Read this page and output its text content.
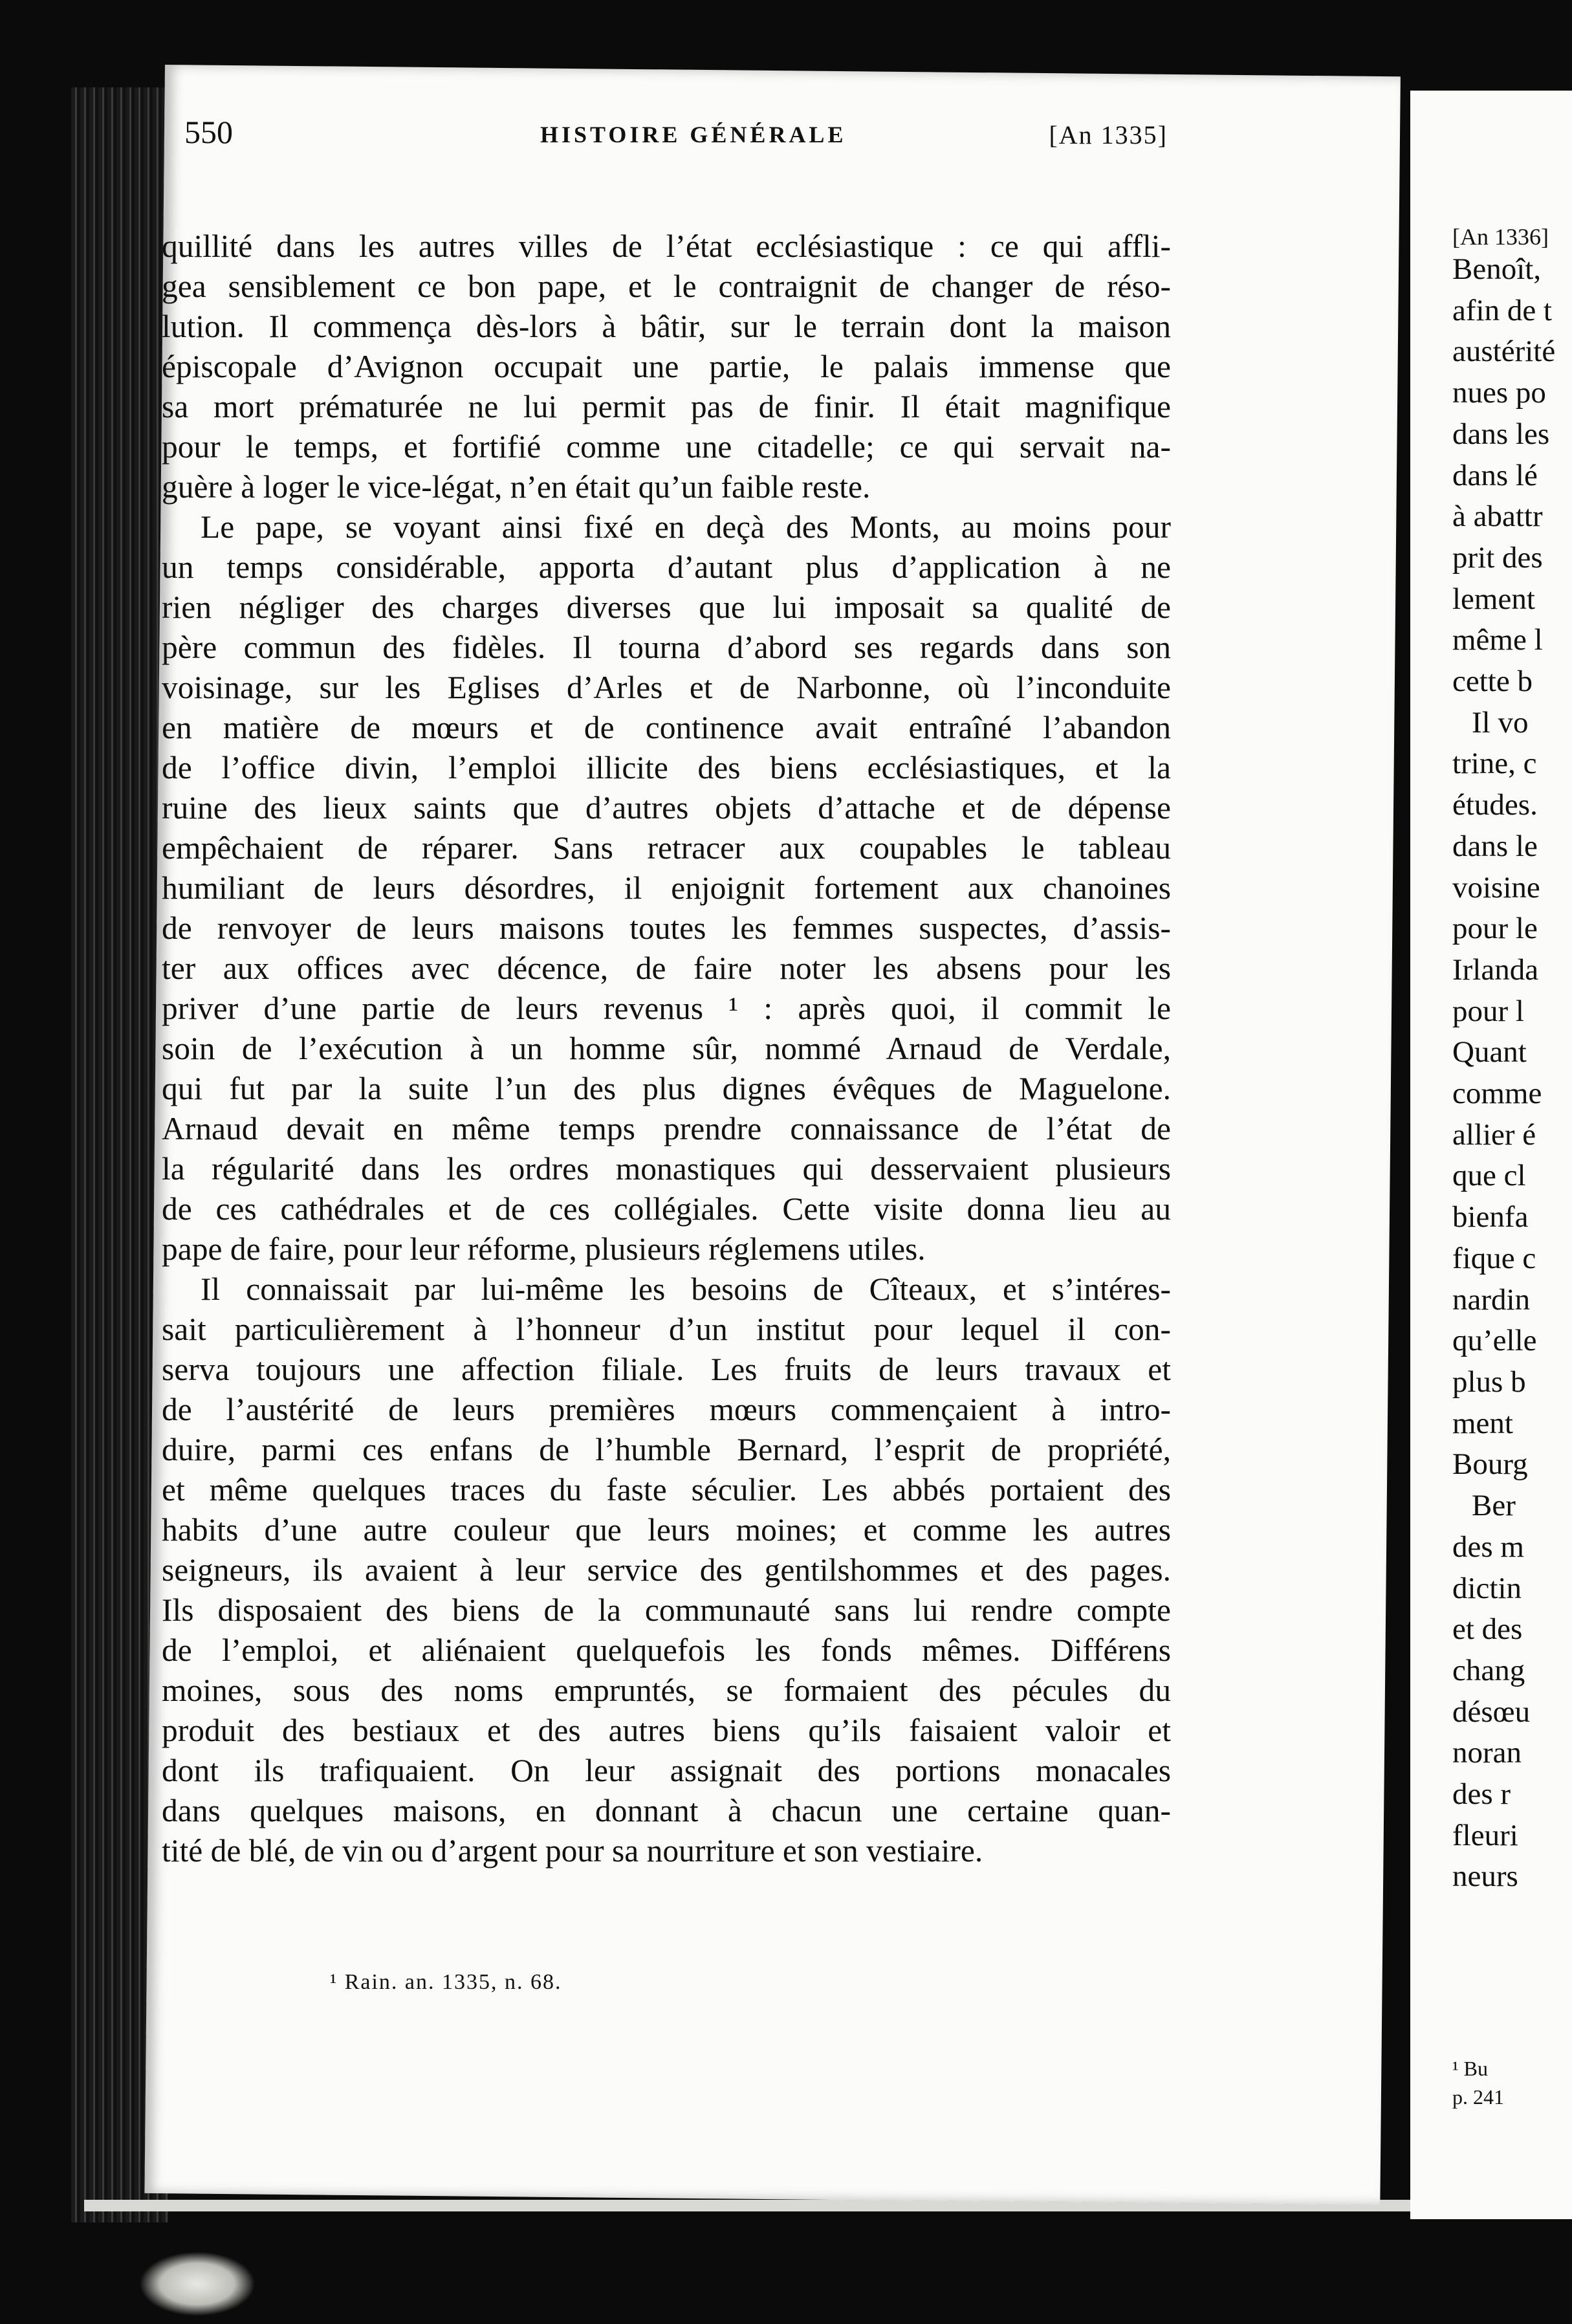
550	HISTOIRE GÉNÉRALE	[An 1335]
quillité dans les autres villes de l’état ecclésiastique : ce qui affli-
gea sensiblement ce bon pape, et le contraignit de changer de réso-
lution. Il commença dès-lors à bâtir, sur le terrain dont la maison
épiscopale d’Avignon occupait une partie, le palais immense que
sa mort prématurée ne lui permit pas de finir. Il était magnifique
pour le temps, et fortifié comme une citadelle; ce qui servait na-
guère à loger le vice-légat, n’en était qu’un faible reste.
Le pape, se voyant ainsi fixé en deçà des Monts, au moins pour
un temps considérable, apporta d’autant plus d’application à ne
rien négliger des charges diverses que lui imposait sa qualité de
père commun des fidèles. Il tourna d’abord ses regards dans son
voisinage, sur les Eglises d’Arles et de Narbonne, où l’inconduite
en matière de mœurs et de continence avait entraîné l’abandon
de l’office divin, l’emploi illicite des biens ecclésiastiques, et la
ruine des lieux saints que d’autres objets d’attache et de dépense
empêchaient de réparer. Sans retracer aux coupables le tableau
humiliant de leurs désordres, il enjoignit fortement aux chanoines
de renvoyer de leurs maisons toutes les femmes suspectes, d’assis-
ter aux offices avec décence, de faire noter les absens pour les
priver d’une partie de leurs revenus ¹ : après quoi, il commit le
soin de l’exécution à un homme sûr, nommé Arnaud de Verdale,
qui fut par la suite l’un des plus dignes évêques de Maguelone.
Arnaud devait en même temps prendre connaissance de l’état de
la régularité dans les ordres monastiques qui desservaient plusieurs
de ces cathédrales et de ces collégiales. Cette visite donna lieu au
pape de faire, pour leur réforme, plusieurs réglemens utiles.
Il connaissait par lui-même les besoins de Cîteaux, et s’intéres-
sait particulièrement à l’honneur d’un institut pour lequel il con-
serva toujours une affection filiale. Les fruits de leurs travaux et
de l’austérité de leurs premières mœurs commençaient à intro-
duire, parmi ces enfans de l’humble Bernard, l’esprit de propriété,
et même quelques traces du faste séculier. Les abbés portaient des
habits d’une autre couleur que leurs moines; et comme les autres
seigneurs, ils avaient à leur service des gentilshommes et des pages.
Ils disposaient des biens de la communauté sans lui rendre compte
de l’emploi, et aliénaient quelquefois les fonds mêmes. Différens
moines, sous des noms empruntés, se formaient des pécules du
produit des bestiaux et des autres biens qu’ils faisaient valoir et
dont ils trafiquaient. On leur assignait des portions monacales
dans quelques maisons, en donnant à chacun une certaine quan-
tité de blé, de vin ou d’argent pour sa nourriture et son vestiaire.
¹ Rain. an. 1335, n. 68.
[An 1336]
Benoît,
afin de t
austérité
nues po
dans les
dans lé
à abattr
prit des
lement
même l
cette b
Il vo
trine, c
études.
dans le
voisine
pour le
Irlanda
pour l
Quant
comme
allier é
que cl
bienfa
fique c
nardin
qu’elle
plus b
ment
Bourg
Ber
des m
dictin
et des
chang
désœu
noran
des r
fleuri
neurs
¹ Bu
p. 241
